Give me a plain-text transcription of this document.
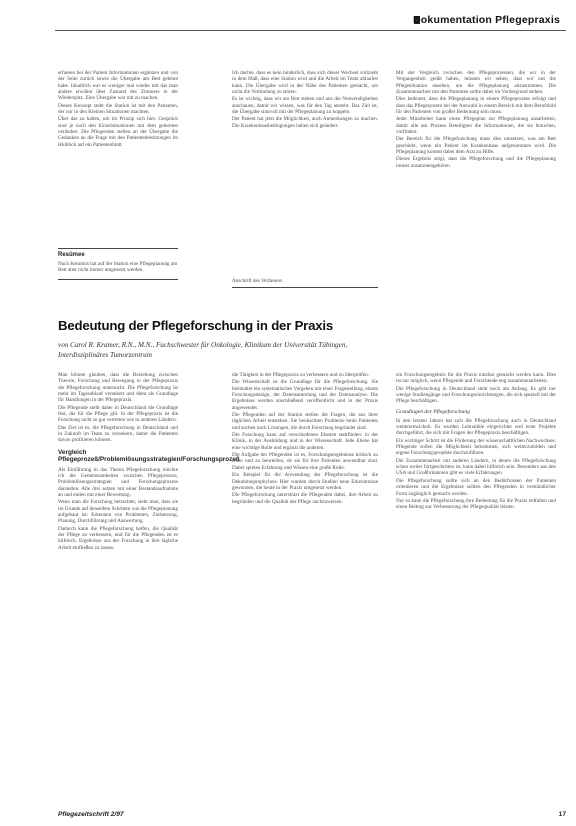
Dokumentation Pflegepraxis

erfassen bei der Patient Informationen ergänzen und von der Seite zurück sowie die Übergabe am Bett gelehnt habe. Inhaltlich war es weniger mal wieder mit das man andere erwähnt über Zustand des Zimmers in der Wiederspitz. Eine Übergabe war mit zu machen.

Dieses Konzept steht die Station ist mit den Patienten, der nur in den Kleinen Situationen machten.

Über das zu halten, um im Prinzip sich hier. Gespräch sind je nach den Einzelsituationen mit dem gelernten verändert. Die Pflegenden stellen an der Übergabe die Gedanken an die Frage mit den Patientenbesitzungen im Hinblick auf ein Patientenblatt.

Ich dachte, dass es kein hinderlich, dass sich dieser Wechsel vollzieht in dem Maß, dass eine Station wird und die Arbeit im Team ablaufen kann. Die Übergabe wird in der Nähe des Patienten gemacht, um nicht die Verbindung zu stören.

Es ist wichtig, dass wir am Bett stehen und uns die Notwendigkeiten anschauen, damit wir wissen, was für den Tag ansteht. Das Ziel ist, die Übergabe sinnvoll mit der Pflegeplanung zu koppeln.

Der Patient hat jetzt die Möglichkeit, auch Anmerkungen zu machen. Die Krankenhausbedingungen haben sich geändert.

Mit der Vergleich zwischen den Pflegeprozessen, die wir in der Vergangenheit geübt haben, müssen wir sehen, dass wir uns die Pflegesituation ansehen, um die Pflegeplanung abzustimmen. Die Zusammenarbeit mit den Patienten sollte dabei im Vordergrund stehen.

Dies bedeutet, dass die Pflegeplanung in einem Pflegeprozess erfolgt und dass das Pflegesystem bei der Auswahl in einem Bereich mit dem Berufsbild für den Patienten von großer Bedeutung sein muss.

Jeder Mitarbeiter kann einen Pflegeplan zur Pflegeplanung ausarbeiten, damit alle am Prozess Beteiligten die Informationen, die sie brauchen, vorfinden.

Der Bereich für die Pflegeforschung muss dies umsetzen, was am Bett geschieht, wenn ein Patient im Krankenhaus aufgenommen wird. Die Pflegeplanung kommt dabei dem Arzt zu Hilfe.

Dieses Ergebnis zeigt, dass die Pflegeforschung und die Pflegeplanung immer zusammengehören.

Resümee
Nach Kenntnis hat auf der Station eine Pflegeplanung am Bett aber nicht immer umgesetzt werden.
Anschrift des Verfassers
Bedeutung der Pflegeforschung in der Praxis
von Carol R. Kramer, R.N., M.N., Fachschwester für Onkologie, Klinikum der Universität Tübingen, Interdisziplinäres Tumorzentrum

Man könnte glauben, dass die Beziehung zwischen Theorie, Forschung und Bewegung in der Pflegepraxis die Pflegeforschung untersucht. Die Pflegeforschung ist mehr im Tagesablauf verankert und dient als Grundlage für Handlungen in der Pflegepraxis.

Die Pflegende stellt daher in Deutschland die Grundlage fest, die für die Pflege gilt. In der Pflegepraxis ist die Forschung nicht so gut vertreten wie in anderen Ländern.

Das Ziel ist es, die Pflegeforschung in Deutschland und in Zukunft im Team zu verankern, damit die Patienten davon profitieren können.

Vergleich Pflegeprozeß/Problemlösungsstrategien/Forschungsprozeß

Als Einführung in das Thema Pflegeforschung möchte ich die Gemeinsamkeiten zwischen Pflegeprozess, Problemlösungsstrategien und Forschungsprozess darstellen. Alle drei setzen mit einer Bestandsaufnahme an und enden mit einer Bewertung.

Wenn man die Forschung betrachtet, sieht man, dass sie im Grunde auf denselben Schritten wie die Pflegeplanung aufgebaut ist: Erkennen von Problemen, Zielsetzung, Planung, Durchführung und Auswertung.

Dadurch kann die Pflegeforschung helfen, die Qualität der Pflege zu verbessern, und für die Pflegenden ist es hilfreich, Ergebnisse aus der Forschung in ihre tägliche Arbeit einfließen zu lassen.

die Tätigkeit in der Pflegepraxis zu verbessern und zu überprüfen.

Die Wissenschaft ist die Grundlage für die Pflegeforschung. Sie beinhaltet ein systematisches Vorgehen mit einer Fragestellung, einem Forschungsdesign, der Datensammlung und der Datenanalyse. Die Ergebnisse werden anschließend veröffentlicht und in der Praxis angewendet.

Die Pflegenden auf der Station stellen die Fragen, die aus ihrer täglichen Arbeit entstehen. Sie beobachten Probleme beim Patienten und suchen nach Lösungen, die durch Forschung begründet sind.

Die Forschung kann auf verschiedenen Ebenen stattfinden: in der Klinik, in der Ausbildung und in der Wissenschaft. Jede Ebene hat eine wichtige Rolle und ergänzt die anderen.

Die Aufgabe der Pflegenden ist es, Forschungsergebnisse kritisch zu lesen und zu beurteilen, ob sie für ihre Patienten anwendbar sind. Dabei spielen Erfahrung und Wissen eine große Rolle.

Ein Beispiel für die Anwendung der Pflegeforschung ist die Dekubitusprophylaxe. Hier wurden durch Studien neue Erkenntnisse gewonnen, die heute in der Praxis umgesetzt werden.

Die Pflegeforschung unterstützt die Pflegenden dabei, ihre Arbeit zu begründen und die Qualität der Pflege nachzuweisen.

ein Forschungsergebnis für die Praxis nutzbar gemacht werden kann. Dies ist nur möglich, wenn Pflegende und Forschende eng zusammenarbeiten.

Die Pflegeforschung in Deutschland steht noch am Anfang. Es gibt nur wenige Studiengänge und Forschungseinrichtungen, die sich speziell mit der Pflege beschäftigen.

Grundlagen der Pflegeforschung

In den letzten Jahren hat sich die Pflegeforschung auch in Deutschland weiterentwickelt. Es wurden Lehrstühle eingerichtet und erste Projekte durchgeführt, die sich mit Fragen der Pflegepraxis beschäftigen.

Ein wichtiger Schritt ist die Förderung des wissenschaftlichen Nachwuchses. Pflegende sollen die Möglichkeit bekommen, sich weiterzubilden und eigene Forschungsprojekte durchzuführen.

Die Zusammenarbeit mit anderen Ländern, in denen die Pflegeforschung schon weiter fortgeschritten ist, kann dabei hilfreich sein. Besonders aus den USA und Großbritannien gibt es viele Erfahrungen.

Die Pflegeforschung sollte sich an den Bedürfnissen der Patienten orientieren und die Ergebnisse sollten den Pflegenden in verständlicher Form zugänglich gemacht werden.

Nur so kann die Pflegeforschung ihre Bedeutung für die Praxis entfalten und einen Beitrag zur Verbesserung der Pflegequalität leisten.

Pflegezeitschrift 2/97	17
